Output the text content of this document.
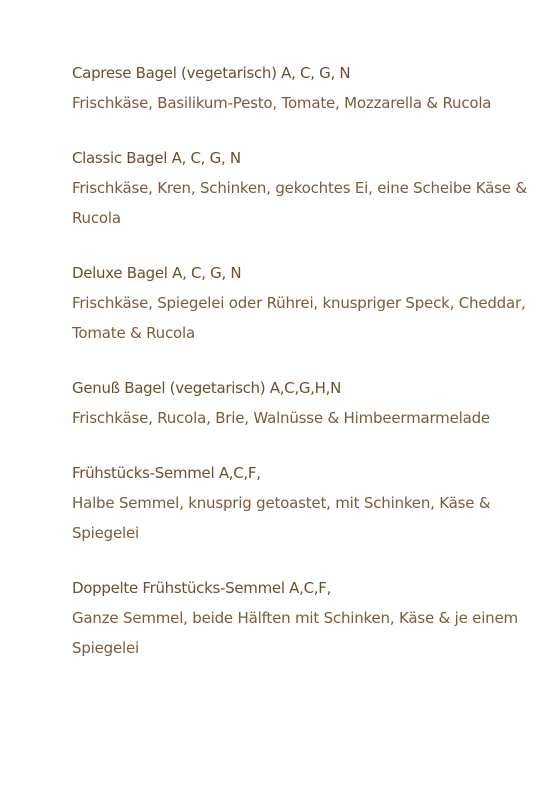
Caprese Bagel (vegetarisch) A, C, G, N
Frischkäse, Basilikum-Pesto, Tomate, Mozzarella & Rucola
Classic Bagel A, C, G, N
Frischkäse, Kren, Schinken, gekochtes Ei, eine Scheibe Käse & Rucola
Deluxe Bagel A, C, G, N
Frischkäse, Spiegelei oder Rührei, knuspriger Speck, Cheddar, Tomate & Rucola
Genuß Bagel (vegetarisch) A,C,G,H,N
Frischkäse, Rucola, Brie, Walnüsse & Himbeermarmelade
Frühstücks-Semmel A,C,F,
Halbe Semmel, knusprig getoastet, mit Schinken, Käse & Spiegelei
Doppelte Frühstücks-Semmel A,C,F,
Ganze Semmel, beide Hälften mit Schinken, Käse & je einem Spiegelei
